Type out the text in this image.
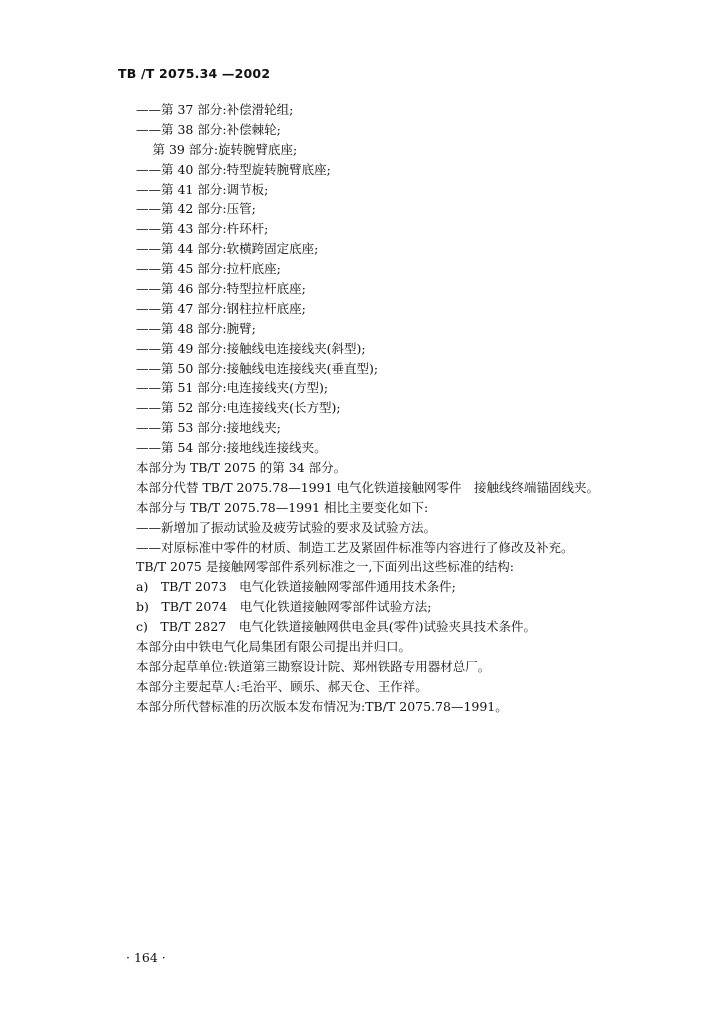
TB /T 2075.34 —2002
——第 37 部分:补偿滑轮组;
——第 38 部分:补偿棘轮;
　 第 39 部分:旋转腕臂底座;
——第 40 部分:特型旋转腕臂底座;
——第 41 部分:调节板;
——第 42 部分:压管;
——第 43 部分:杵环杆;
——第 44 部分:软横跨固定底座;
——第 45 部分:拉杆底座;
——第 46 部分:特型拉杆底座;
——第 47 部分:钢柱拉杆底座;
——第 48 部分:腕臂;
——第 49 部分:接触线电连接线夹(斜型);
——第 50 部分:接触线电连接线夹(垂直型);
——第 51 部分:电连接线夹(方型);
——第 52 部分:电连接线夹(长方型);
——第 53 部分:接地线夹;
——第 54 部分:接地线连接线夹。

本部分为 TB/T 2075 的第 34 部分。

本部分代替 TB/T 2075.78—1991 电气化铁道接触网零件　接触线终端锚固线夹。

本部分与 TB/T 2075.78—1991 相比主要变化如下:

——新增加了振动试验及疲劳试验的要求及试验方法。

——对原标准中零件的材质、制造工艺及紧固件标准等内容进行了修改及补充。

TB/T 2075 是接触网零部件系列标准之一,下面列出这些标准的结构:

a)　TB/T 2073　电气化铁道接触网零部件通用技术条件;

b)　TB/T 2074　电气化铁道接触网零部件试验方法;

c)　TB/T 2827　电气化铁道接触网供电金具(零件)试验夹具技术条件。

本部分由中铁电气化局集团有限公司提出并归口。

本部分起草单位:铁道第三勘察设计院、郑州铁路专用器材总厂。

本部分主要起草人:毛治平、顾乐、郝天仓、王作祥。

本部分所代替标准的历次版本发布情况为:TB/T 2075.78—1991。

· 164 ·
